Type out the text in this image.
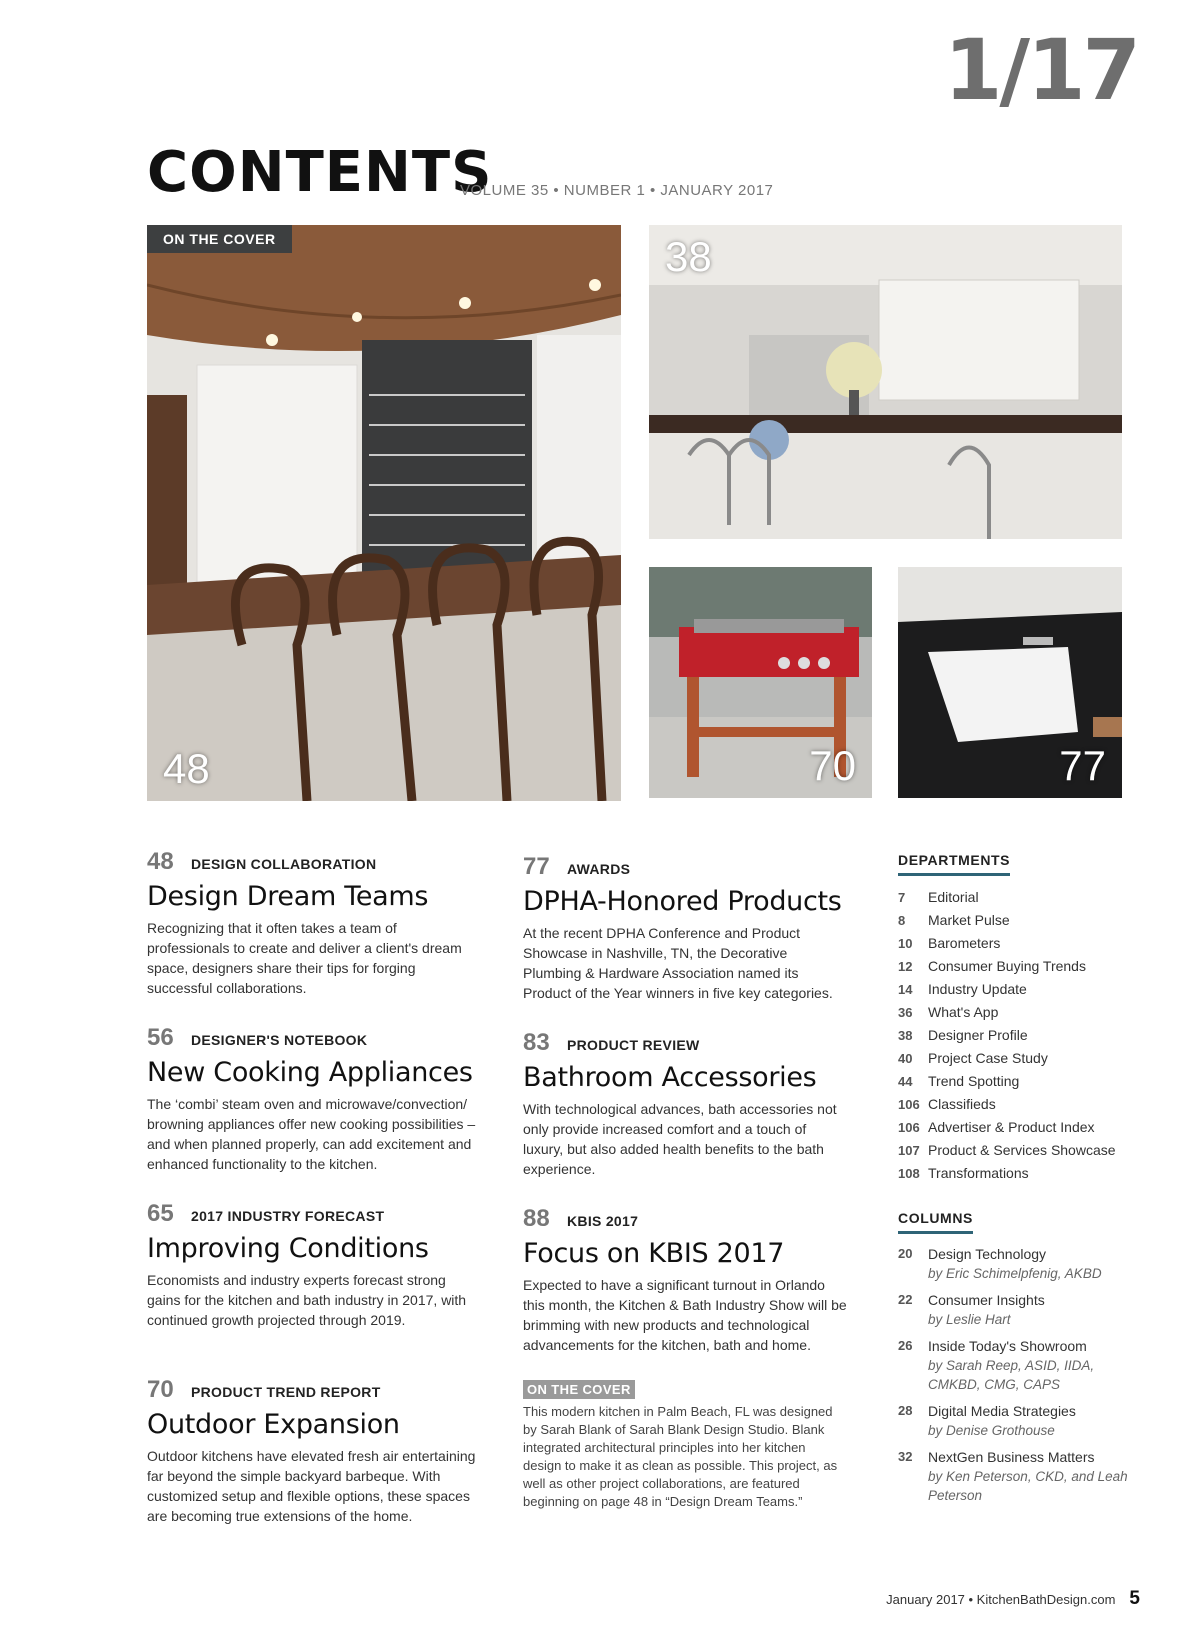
1/17
CONTENTS
VOLUME 35 • NUMBER 1 • JANUARY 2017
ON THE COVER
48
38
70	77
48 DESIGN COLLABORATION
Design Dream Teams
Recognizing that it often takes a team of professionals to create and deliver a client's dream space, designers share their tips for forging successful collaborations.
56 DESIGNER'S NOTEBOOK
New Cooking Appliances
The ‘combi’ steam oven and microwave/convection/ browning appliances offer new cooking possibilities – and when planned properly, can add excitement and enhanced functionality to the kitchen.
65 2017 INDUSTRY FORECAST
Improving Conditions
Economists and industry experts forecast strong gains for the kitchen and bath industry in 2017, with continued growth projected through 2019.
70 PRODUCT TREND REPORT
Outdoor Expansion
Outdoor kitchens have elevated fresh air entertaining far beyond the simple backyard barbeque. With customized setup and flexible options, these spaces are becoming true extensions of the home.
77 AWARDS
DPHA-Honored Products
At the recent DPHA Conference and Product Showcase in Nashville, TN, the Decorative Plumbing & Hardware Association named its Product of the Year winners in five key categories.
83 PRODUCT REVIEW
Bathroom Accessories
With technological advances, bath accessories not only provide increased comfort and a touch of luxury, but also added health benefits to the bath experience.
88 KBIS 2017
Focus on KBIS 2017
Expected to have a significant turnout in Orlando this month, the Kitchen & Bath Industry Show will be brimming with new products and technological advancements for the kitchen, bath and home.
ON THE COVER
This modern kitchen in Palm Beach, FL was designed by Sarah Blank of Sarah Blank Design Studio. Blank integrated architectural principles into her kitchen design to make it as clean as possible. This project, as well as other project collaborations, are featured beginning on page 48 in “Design Dream Teams.”
DEPARTMENTS
7	Editorial
8	Market Pulse
10	Barometers
12	Consumer Buying Trends
14	Industry Update
36	What's App
38	Designer Profile
40	Project Case Study
44	Trend Spotting
106 Classifieds
106 Advertiser & Product Index
107 Product & Services Showcase
108 Transformations
COLUMNS
20	Design Technology
by Eric Schimelpfenig, AKBD
22	Consumer Insights
by Leslie Hart
26	Inside Today's Showroom
by Sarah Reep, ASID, IIDA, CMKBD, CMG, CAPS
28	Digital Media Strategies
by Denise Grothouse
32	NextGen Business Matters
by Ken Peterson, CKD, and Leah Peterson
January 2017 • KitchenBathDesign.com 5
